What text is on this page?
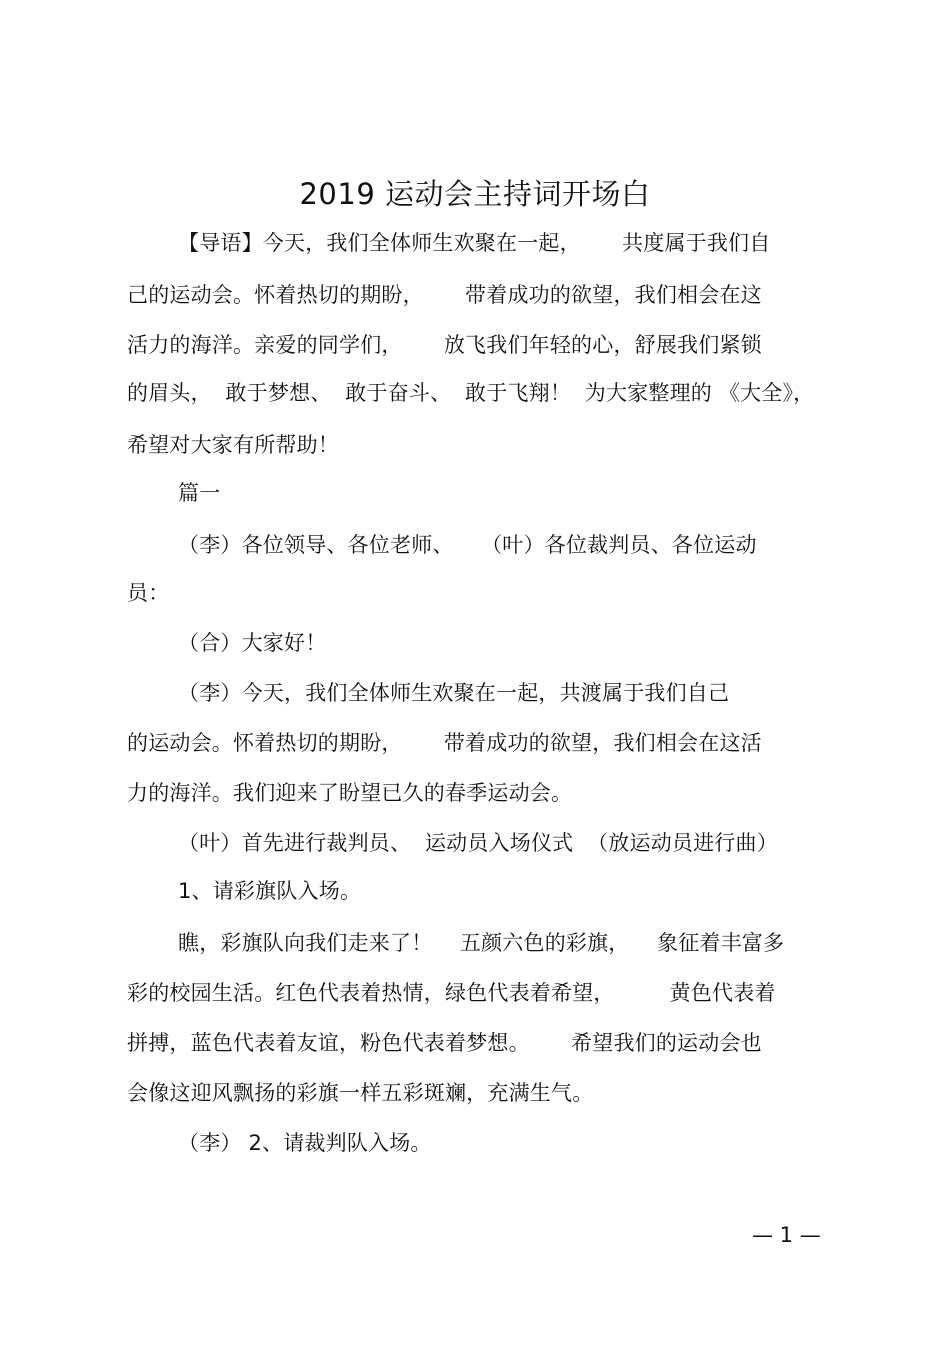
2019 运动会主持词开场白
【导语】今天，我们全体师生欢聚在一起，      共度属于我们自
己的运动会。怀着热切的期盼，      带着成功的欲望，我们相会在这
活力的海洋。亲爱的同学们，      放飞我们年轻的心，舒展我们紧锁
的眉头，  敢于梦想、  敢于奋斗、  敢于飞翔！  为大家整理的 《大全》，
希望对大家有所帮助！
篇一
（李）各位领导、各位老师、    （叶）各位裁判员、各位运动
员：
（合）大家好！
（李）今天，我们全体师生欢聚在一起，共渡属于我们自己
的运动会。怀着热切的期盼，      带着成功的欲望，我们相会在这活
力的海洋。我们迎来了盼望已久的春季运动会。
（叶）首先进行裁判员、  运动员入场仪式  （放运动员进行曲）
1、请彩旗队入场。
瞧，彩旗队向我们走来了！    五颜六色的彩旗，    象征着丰富多
彩的校园生活。红色代表着热情，绿色代表着希望，        黄色代表着
拼搏，蓝色代表着友谊，粉色代表着梦想。      希望我们的运动会也
会像这迎风飘扬的彩旗一样五彩斑斓，充满生气。
（李） 2、请裁判队入场。
— 1 —
